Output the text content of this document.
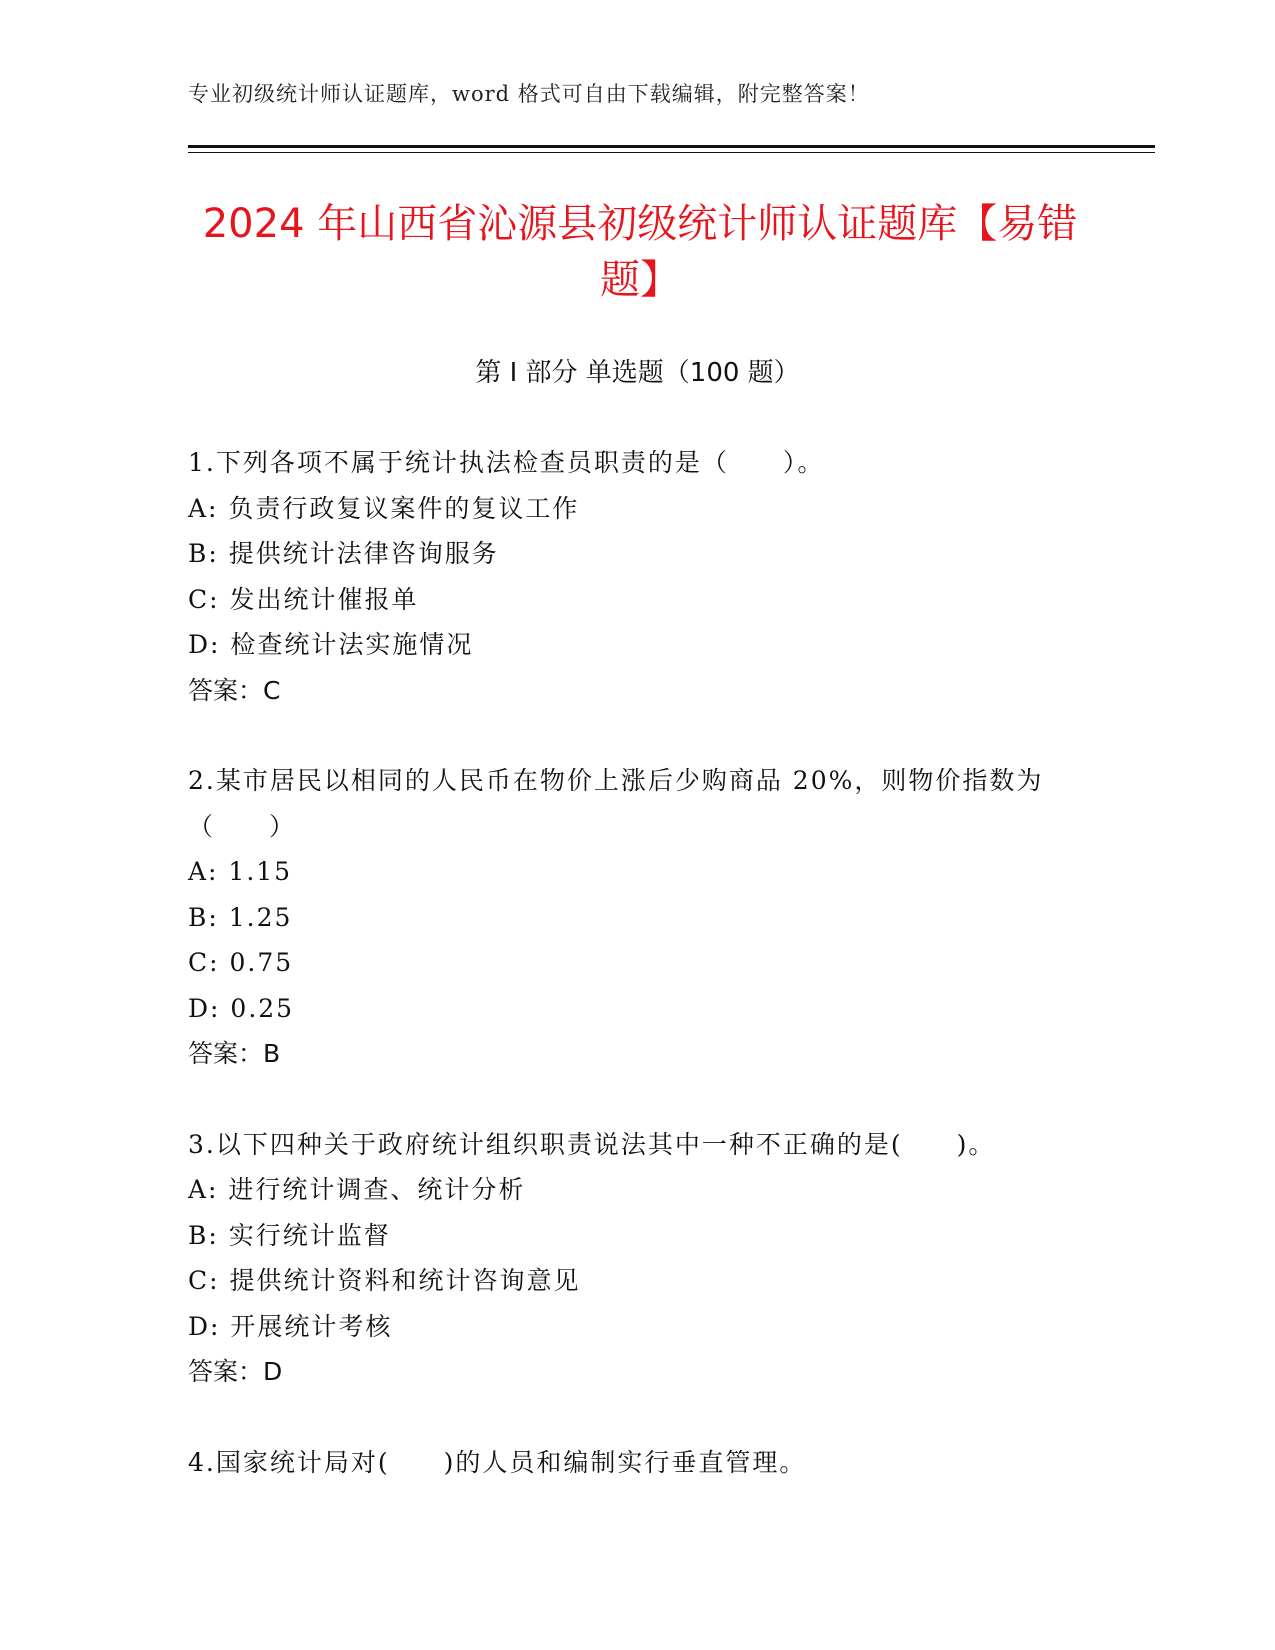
专业初级统计师认证题库，word 格式可自由下载编辑，附完整答案！
2024 年山西省沁源县初级统计师认证题库【易错题】
第 I 部分 单选题（100 题）
1.下列各项不属于统计执法检查员职责的是（　　）。
A: 负责行政复议案件的复议工作
B: 提供统计法律咨询服务
C: 发出统计催报单
D: 检查统计法实施情况
答案：C
2.某市居民以相同的人民币在物价上涨后少购商品 20%，则物价指数为（　　）
A: 1.15
B: 1.25
C: 0.75
D: 0.25
答案：B
3.以下四种关于政府统计组织职责说法其中一种不正确的是(　　)。
A: 进行统计调查、统计分析
B: 实行统计监督
C: 提供统计资料和统计咨询意见
D: 开展统计考核
答案：D
4.国家统计局对(　　)的人员和编制实行垂直管理。
